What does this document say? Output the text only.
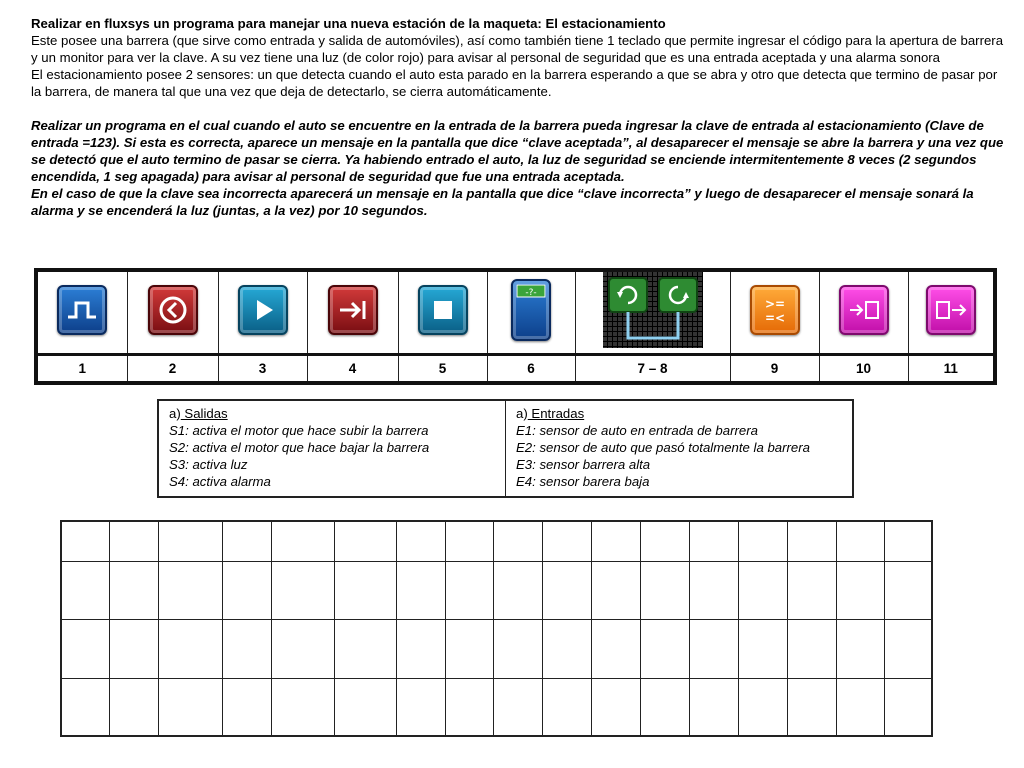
Realizar en fluxsys un programa para manejar una nueva estación de la maqueta: El estacionamiento

Este posee una barrera (que sirve como entrada y salida de automóviles), así como también tiene 1 teclado que permite ingresar el código para la apertura de barrera y un monitor para ver la clave. A su vez tiene una luz (de color rojo) para avisar al personal de seguridad que es una entrada aceptada y una alarma sonora

El estacionamiento posee 2 sensores: un que detecta cuando el auto esta parado en la barrera esperando a que se abra y otro que detecta que termino de pasar por la barrera, de manera tal que una vez que deja de detectarlo, se cierra automáticamente.

Realizar un programa en el cual cuando el auto se encuentre en la entrada de la barrera pueda ingresar la clave de entrada al estacionamiento (Clave de entrada =123). Si esta es correcta, aparece un mensaje en la pantalla que dice “clave aceptada”, al desaparecer el mensaje se abre la barrera y una vez que se detectó que el auto termino de pasar se cierra. Ya habiendo entrado el auto, la luz de seguridad se enciende intermitentemente 8 veces (2 segundos encendida, 1 seg apagada) para avisar al personal de seguridad que fue una entrada aceptada.

En el caso de que la clave sea incorrecta aparecerá un mensaje en la pantalla que dice “clave incorrecta” y luego de desaparecer el mensaje sonará la alarma y se encenderá la luz (juntas, a la vez) por 10 segundos.

-?-		>=
=<

1	2	3	4	5	6	7 – 8	9	10	11
a) Salidas
S1: activa el motor que hace subir la barrera
S2: activa el motor que hace bajar la barrera
S3: activa luz
S4: activa alarma

a) Entradas
E1: sensor de auto en entrada de barrera
E2: sensor de auto que pasó totalmente la barrera
E3: sensor barrera alta
E4: sensor barera baja
